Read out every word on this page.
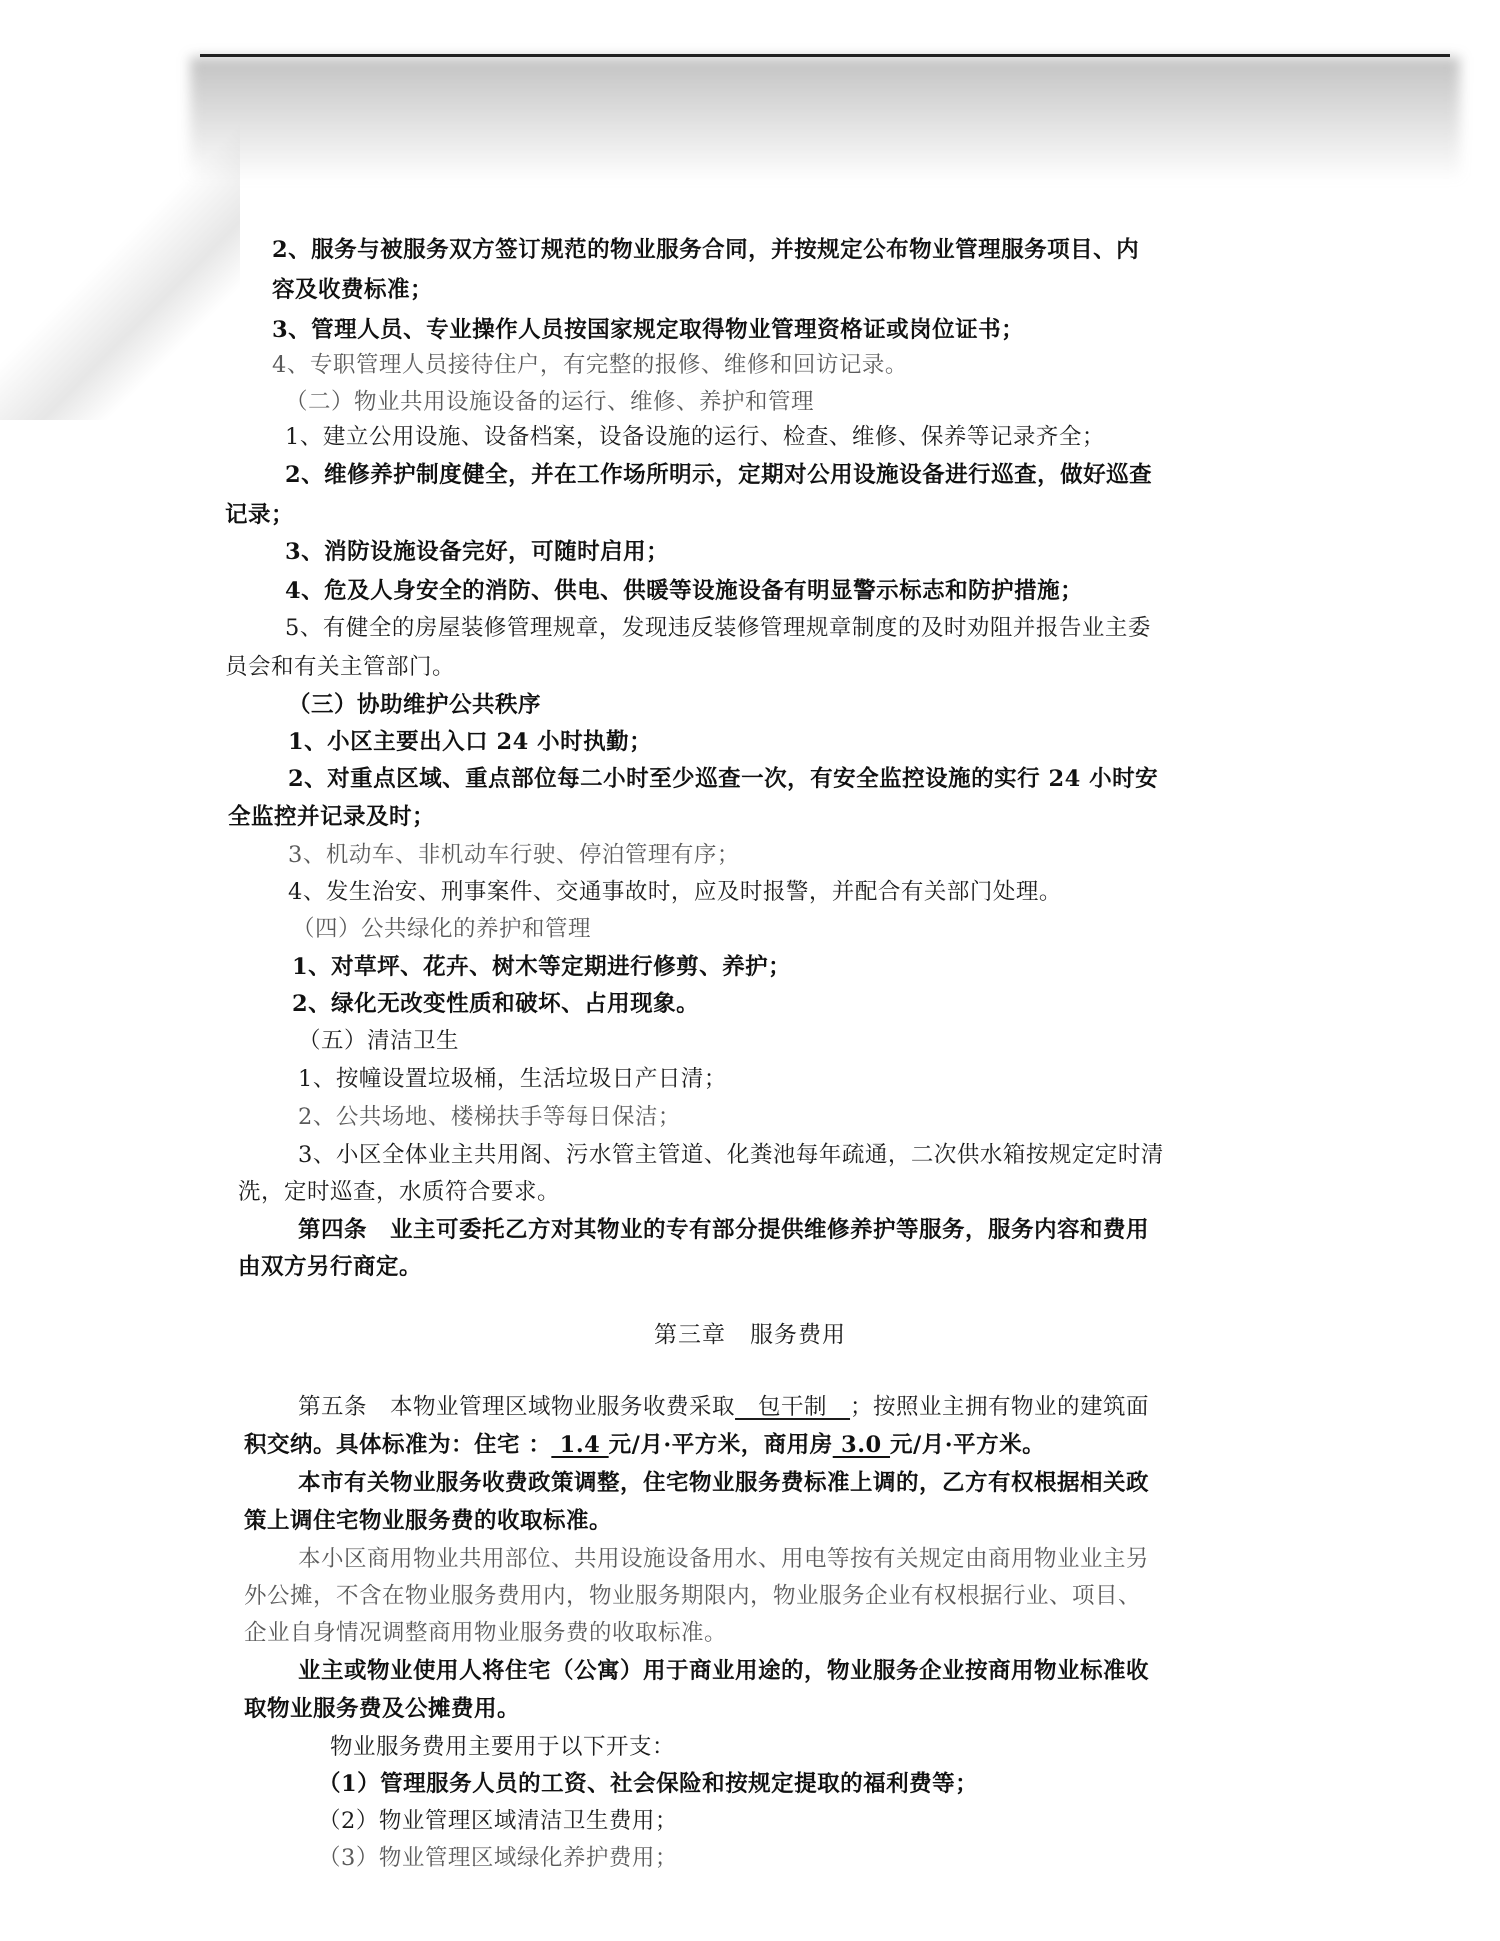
2、服务与被服务双方签订规范的物业服务合同，并按规定公布物业管理服务项目、内
容及收费标准；
3、管理人员、专业操作人员按国家规定取得物业管理资格证或岗位证书；
4、专职管理人员接待住户，有完整的报修、维修和回访记录。
（二）物业共用设施设备的运行、维修、养护和管理
1、建立公用设施、设备档案，设备设施的运行、检查、维修、保养等记录齐全；
2、维修养护制度健全，并在工作场所明示，定期对公用设施设备进行巡查，做好巡查
记录；
3、消防设施设备完好，可随时启用；
4、危及人身安全的消防、供电、供暖等设施设备有明显警示标志和防护措施；
5、有健全的房屋装修管理规章，发现违反装修管理规章制度的及时劝阻并报告业主委
员会和有关主管部门。
（三）协助维护公共秩序
1、小区主要出入口 24 小时执勤；
2、对重点区域、重点部位每二小时至少巡查一次，有安全监控设施的实行 24 小时安
全监控并记录及时；
3、机动车、非机动车行驶、停泊管理有序；
4、发生治安、刑事案件、交通事故时，应及时报警，并配合有关部门处理。
（四）公共绿化的养护和管理
1、对草坪、花卉、树木等定期进行修剪、养护；
2、绿化无改变性质和破坏、占用现象。
（五）清洁卫生
1、按幢设置垃圾桶，生活垃圾日产日清；
2、公共场地、楼梯扶手等每日保洁；
3、小区全体业主共用阁、污水管主管道、化粪池每年疏通，二次供水箱按规定定时清
洗，定时巡查，水质符合要求。
第四条　业主可委托乙方对其物业的专有部分提供维修养护等服务，服务内容和费用
由双方另行商定。
第三章　服务费用
第五条　本物业管理区域物业服务收费采取　包干制　；按照业主拥有物业的建筑面
积交纳。具体标准为：住宅 ： 1.4 元/月·平方米，商用房 3.0 元/月·平方米。
本市有关物业服务收费政策调整，住宅物业服务费标准上调的，乙方有权根据相关政
策上调住宅物业服务费的收取标准。
本小区商用物业共用部位、共用设施设备用水、用电等按有关规定由商用物业业主另
外公摊，不含在物业服务费用内，物业服务期限内，物业服务企业有权根据行业、项目、
企业自身情况调整商用物业服务费的收取标准。
业主或物业使用人将住宅（公寓）用于商业用途的，物业服务企业按商用物业标准收
取物业服务费及公摊费用。
物业服务费用主要用于以下开支：
（1）管理服务人员的工资、社会保险和按规定提取的福利费等；
（2）物业管理区域清洁卫生费用；
（3）物业管理区域绿化养护费用；
